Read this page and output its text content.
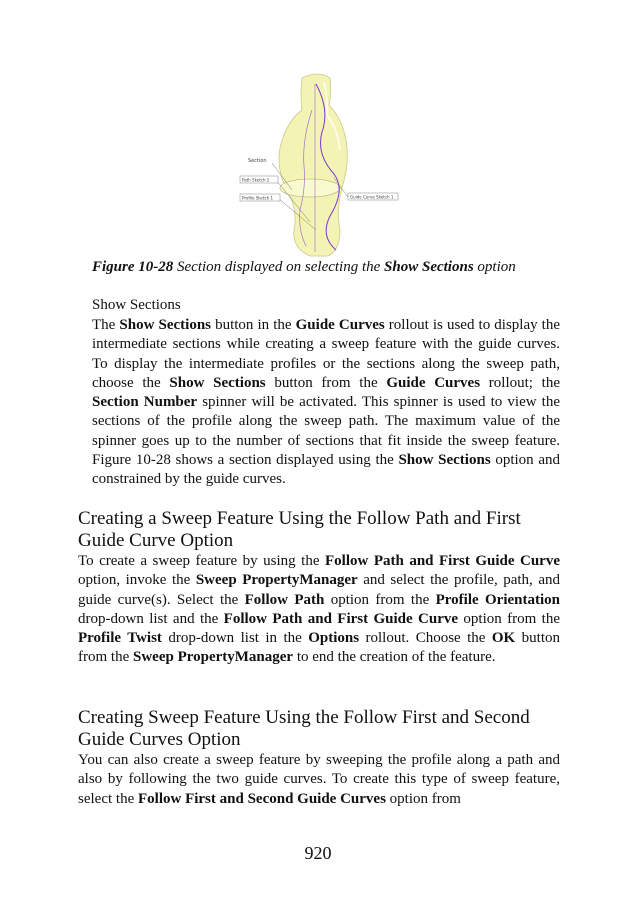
Section
Path Sketch 1
Profile Sketch 1	Guide Curve Sketch 1
Figure 10-28 Section displayed on selecting the Show Sections option
Show Sections

The Show Sections button in the Guide Curves rollout is used to display the intermediate sections while creating a sweep feature with the guide curves. To display the intermediate profiles or the sections along the sweep path, choose the Show Sections button from the Guide Curves rollout; the Section Number spinner will be activated. This spinner is used to view the sections of the profile along the sweep path. The maximum value of the spinner goes up to the number of sections that fit inside the sweep feature. Figure 10-28 shows a section displayed using the Show Sections option and constrained by the guide curves.

Creating a Sweep Feature Using the Follow Path and First Guide Curve Option

To create a sweep feature by using the Follow Path and First Guide Curve option, invoke the Sweep PropertyManager and select the profile, path, and guide curve(s). Select the Follow Path option from the Profile Orientation drop-down list and the Follow Path and First Guide Curve option from the Profile Twist drop-down list in the Options rollout. Choose the OK button from the Sweep PropertyManager to end the creation of the feature.

Creating Sweep Feature Using the Follow First and Second Guide Curves Option

You can also create a sweep feature by sweeping the profile along a path and also by following the two guide curves. To create this type of sweep feature, select the Follow First and Second Guide Curves option from

920
